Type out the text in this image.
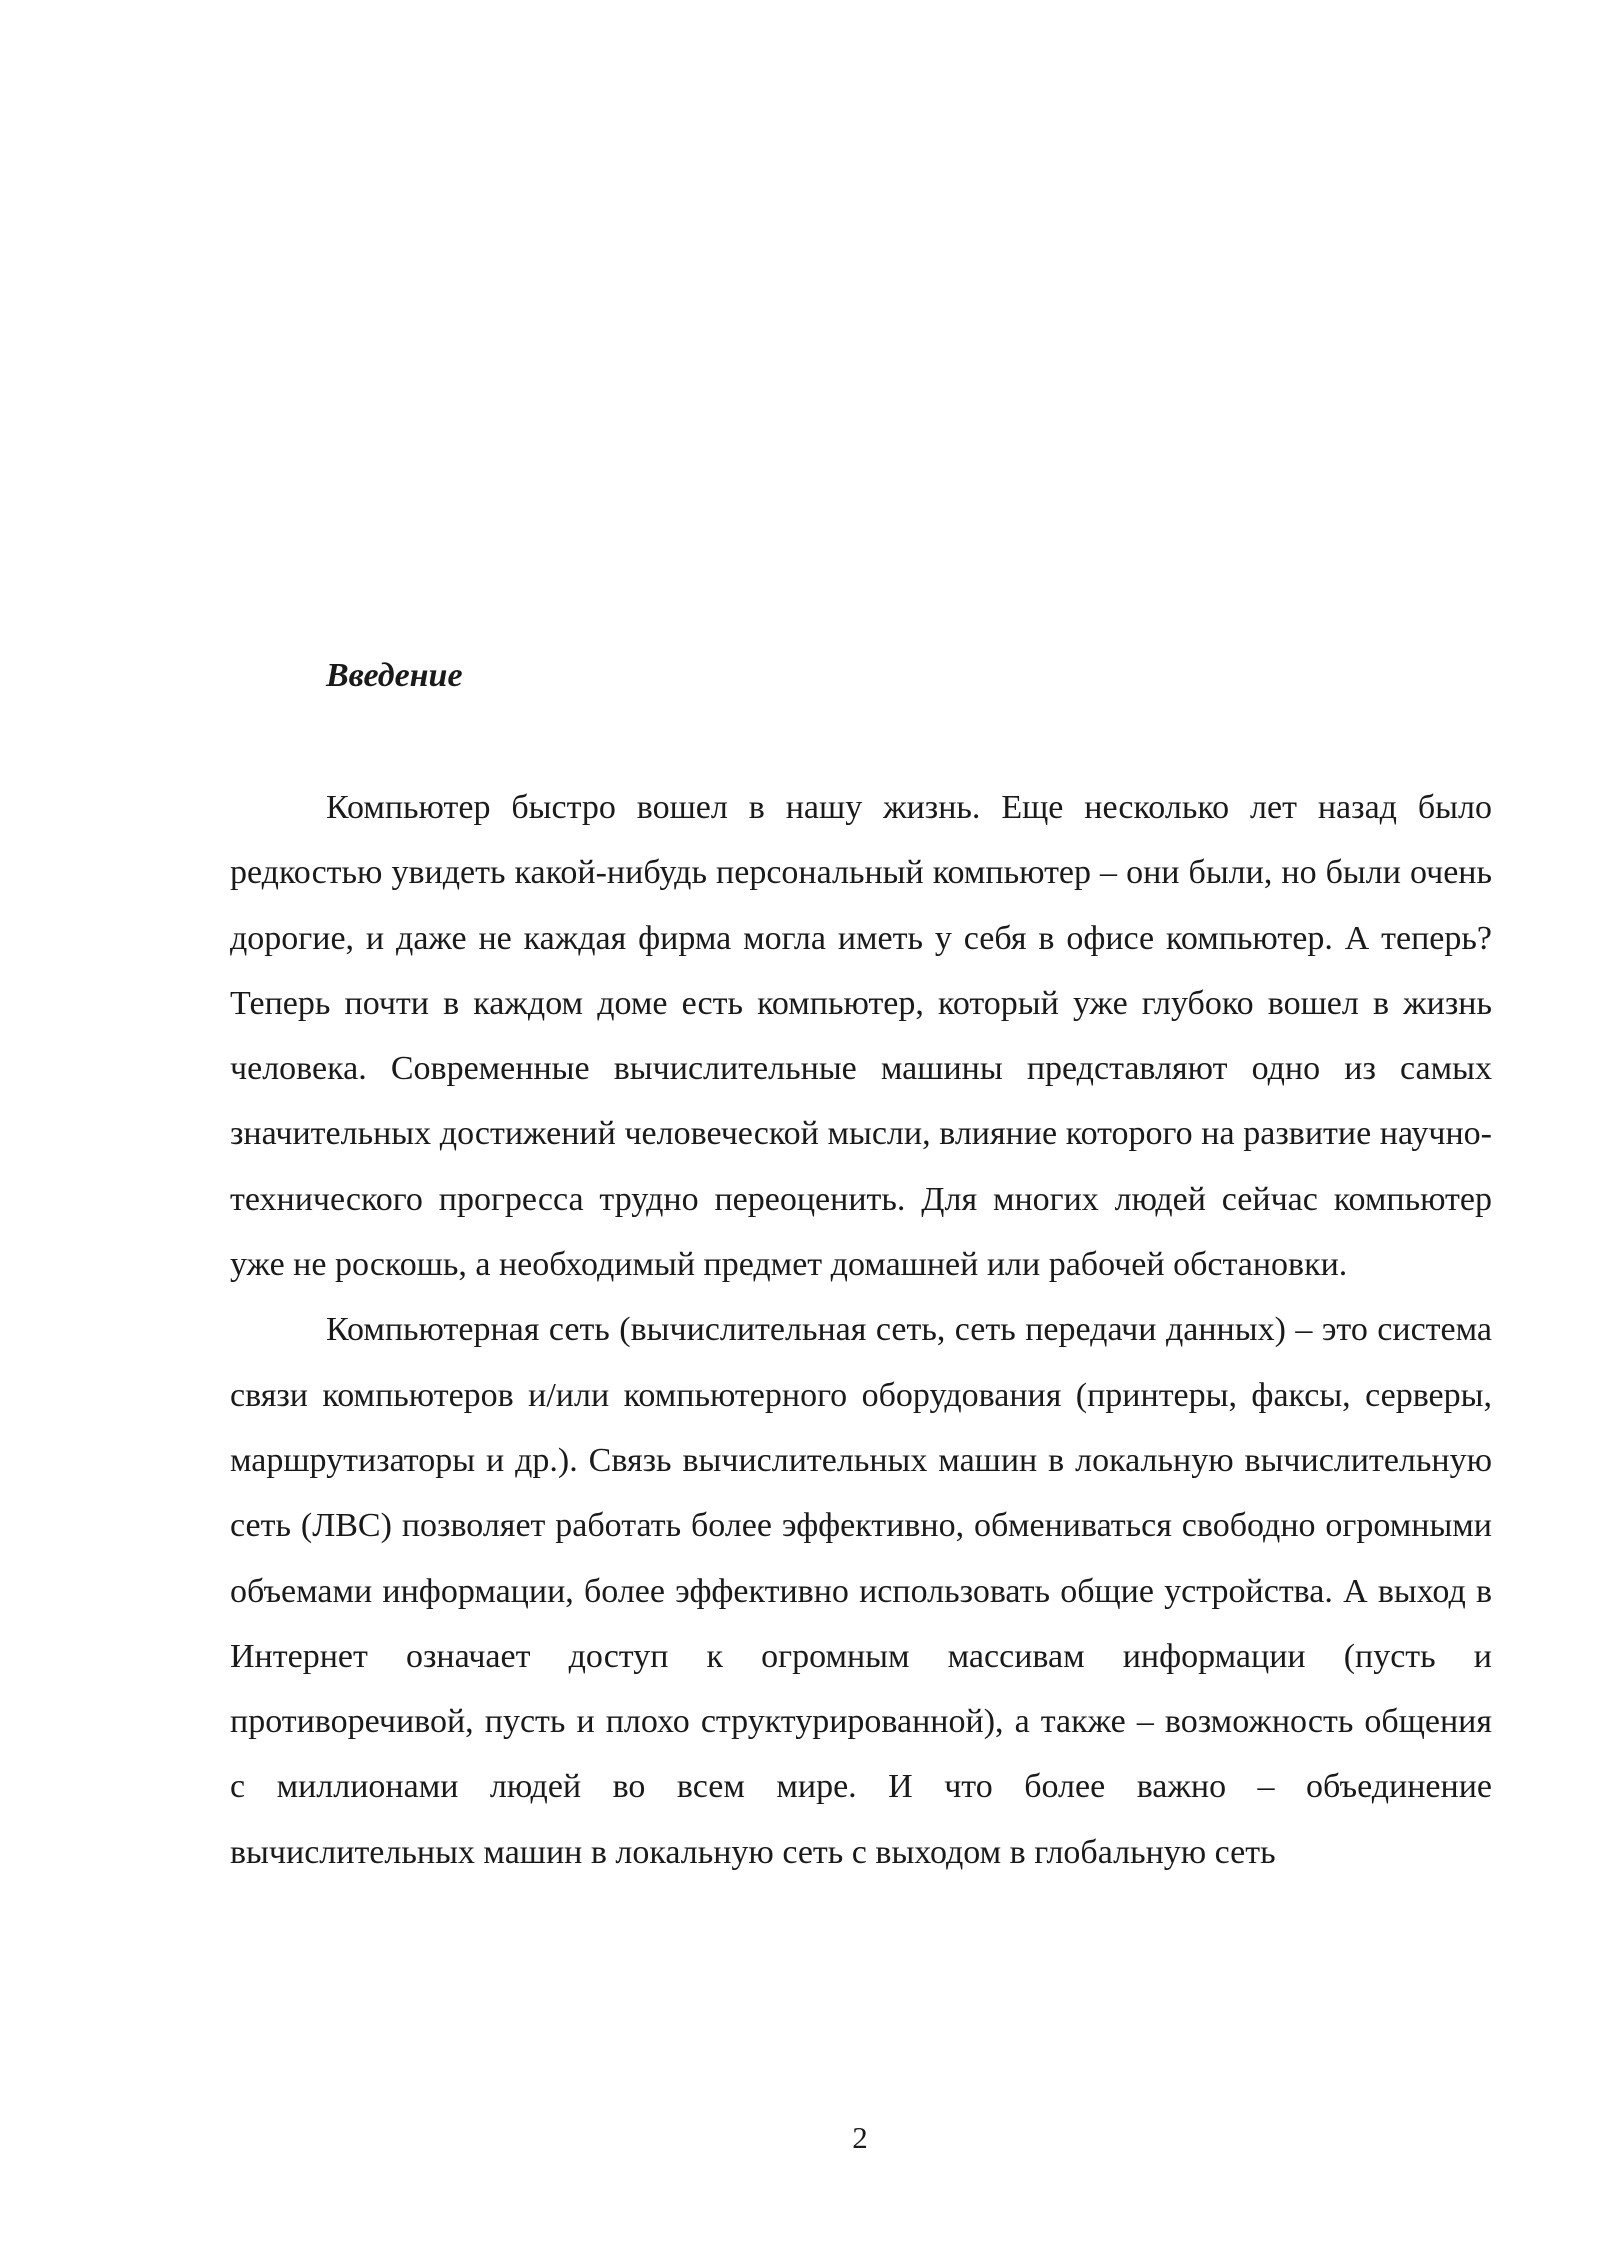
Введение

Компьютер быстро вошел в нашу жизнь. Еще несколько лет назад было редкостью увидеть какой-нибудь персональный компьютер – они были, но были очень дорогие, и даже не каждая фирма могла иметь у себя в офисе компьютер. А теперь? Теперь почти в каждом доме есть компьютер, который уже глубоко вошел в жизнь человека. Современные вычислительные машины представляют одно из самых значительных достижений человеческой мысли, влияние которого на развитие научно-технического прогресса трудно переоценить. Для многих людей сейчас компьютер уже не роскошь, а необходимый предмет домашней или рабочей обстановки.

Компьютерная сеть (вычислительная сеть, сеть передачи данных) – это система связи компьютеров и/или компьютерного оборудования (принтеры, факсы, серверы, маршрутизаторы и др.). Связь вычислительных машин в локальную вычислительную сеть (ЛВС) позволяет работать более эффективно, обмениваться свободно огромными объемами информации, более эффективно использовать общие устройства. А выход в Интернет означает доступ к огромным массивам информации (пусть и противоречивой, пусть и плохо структурированной), а также – возможность общения с миллионами людей во всем мире. И что более важно – объединение вычислительных машин в локальную сеть с выходом в глобальную сеть

2
